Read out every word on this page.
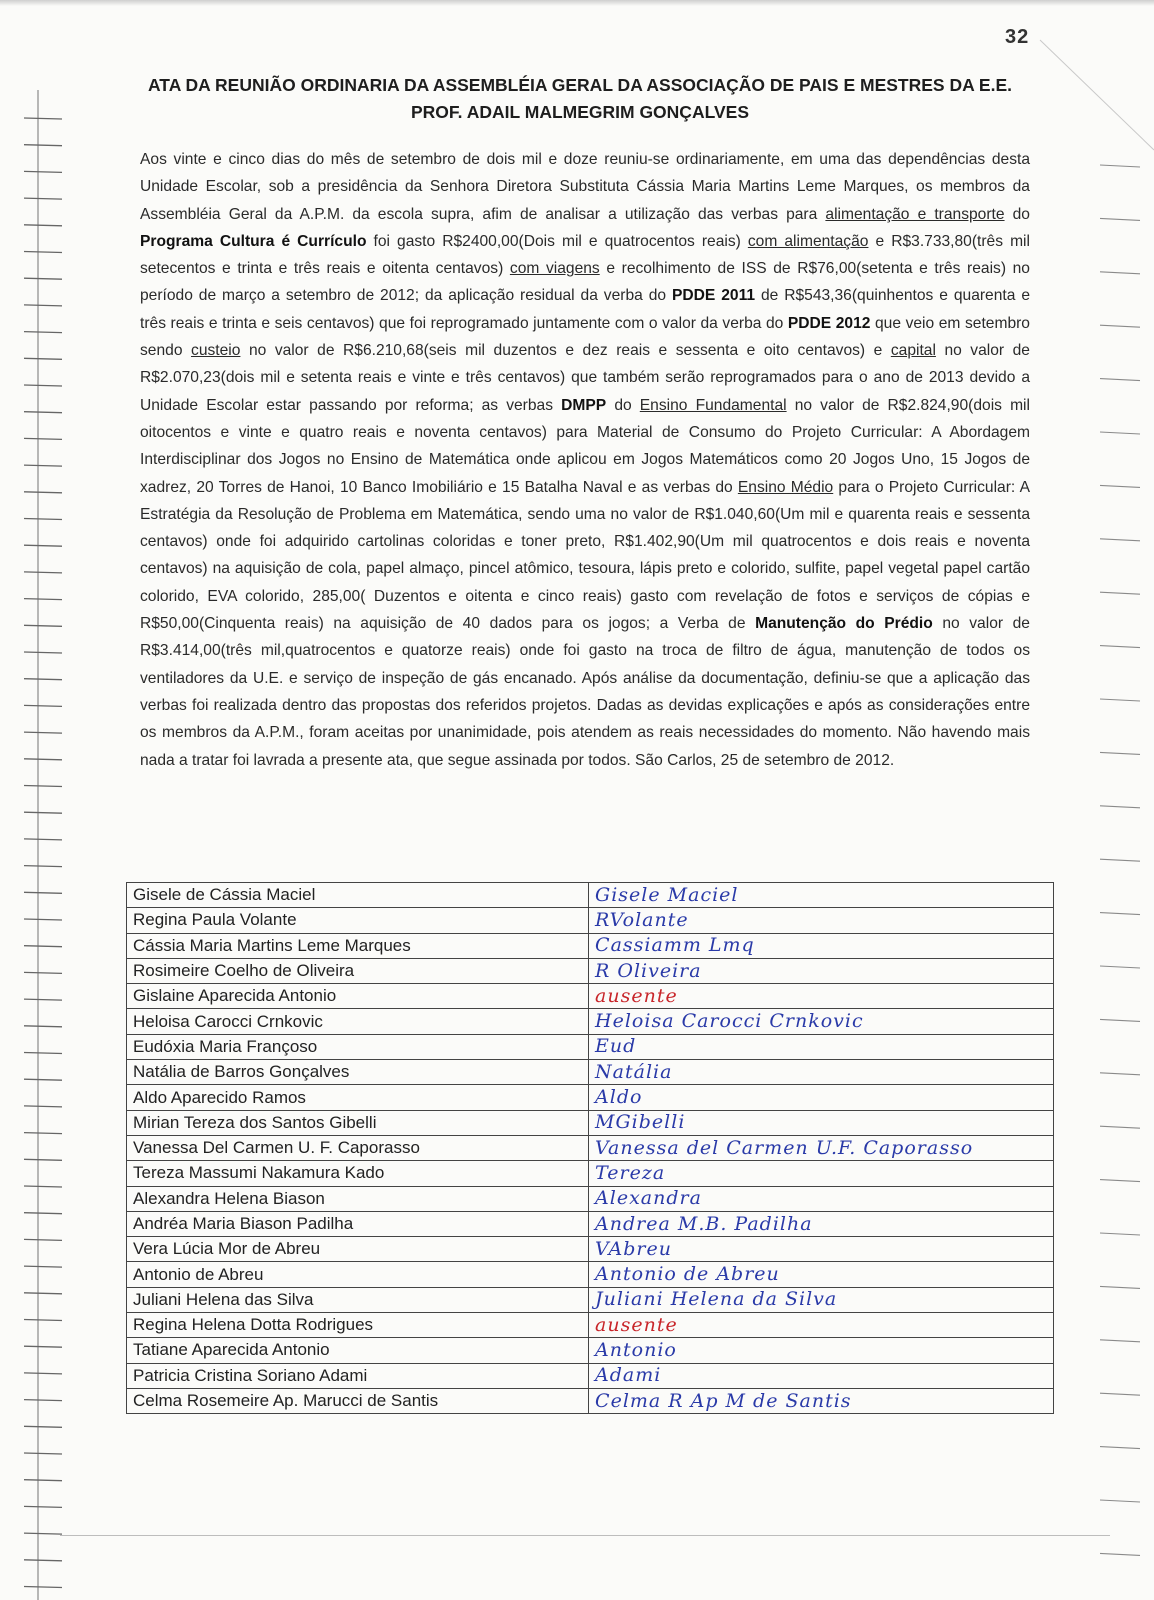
32
ATA DA REUNIÃO ORDINARIA DA ASSEMBLÉIA GERAL DA ASSOCIAÇÃO DE PAIS E MESTRES DA E.E.
PROF. ADAIL MALMEGRIM GONÇALVES
Aos vinte e cinco dias do mês de setembro de dois mil e doze reuniu-se ordinariamente, em uma das dependências desta Unidade Escolar, sob a presidência da Senhora Diretora Substituta Cássia Maria Martins Leme Marques, os membros da Assembléia Geral da A.P.M. da escola supra, afim de analisar a utilização das verbas para alimentação e transporte do Programa Cultura é Currículo foi gasto R$2400,00(Dois mil e quatrocentos reais) com alimentação e R$3.733,80(três mil setecentos e trinta e três reais e oitenta centavos) com viagens e recolhimento de ISS de R$76,00(setenta e três reais) no período de março a setembro de 2012; da aplicação residual da verba do PDDE 2011 de R$543,36(quinhentos e quarenta e três reais e trinta e seis centavos) que foi reprogramado juntamente com o valor da verba do PDDE 2012 que veio em setembro sendo custeio no valor de R$6.210,68(seis mil duzentos e dez reais e sessenta e oito centavos) e capital no valor de R$2.070,23(dois mil e setenta reais e vinte e três centavos) que também serão reprogramados para o ano de 2013 devido a Unidade Escolar estar passando por reforma; as verbas DMPP do Ensino Fundamental no valor de R$2.824,90(dois mil oitocentos e vinte e quatro reais e noventa centavos) para Material de Consumo do Projeto Curricular: A Abordagem Interdisciplinar dos Jogos no Ensino de Matemática onde aplicou em Jogos Matemáticos como 20 Jogos Uno, 15 Jogos de xadrez, 20 Torres de Hanoi, 10 Banco Imobiliário e 15 Batalha Naval e as verbas do Ensino Médio para o Projeto Curricular: A Estratégia da Resolução de Problema em Matemática, sendo uma no valor de R$1.040,60(Um mil e quarenta reais e sessenta centavos) onde foi adquirido cartolinas coloridas e toner preto, R$1.402,90(Um mil quatrocentos e dois reais e noventa centavos) na aquisição de cola, papel almaço, pincel atômico, tesoura, lápis preto e colorido, sulfite, papel vegetal papel cartão colorido, EVA colorido, 285,00( Duzentos e oitenta e cinco reais) gasto com revelação de fotos e serviços de cópias e R$50,00(Cinquenta reais) na aquisição de 40 dados para os jogos; a Verba de Manutenção do Prédio no valor de R$3.414,00(três mil,quatrocentos e quatorze reais) onde foi gasto na troca de filtro de água, manutenção de todos os ventiladores da U.E. e serviço de inspeção de gás encanado. Após análise da documentação, definiu-se que a aplicação das verbas foi realizada dentro das propostas dos referidos projetos. Dadas as devidas explicações e após as considerações entre os membros da A.P.M., foram aceitas por unanimidade, pois atendem as reais necessidades do momento. Não havendo mais nada a tratar foi lavrada a presente ata, que segue assinada por todos. São Carlos, 25 de setembro de 2012.
Gisele de Cássia Maciel	Gisele Maciel
Regina Paula Volante	RVolante
Cássia Maria Martins Leme Marques	Cassiamm Lmq
Rosimeire Coelho de Oliveira	R Oliveira
Gislaine Aparecida Antonio	ausente
Heloisa Carocci Crnkovic	Heloisa Carocci Crnkovic
Eudóxia Maria Françoso	Eud
Natália de Barros Gonçalves	Natália
Aldo Aparecido Ramos	Aldo
Mirian Tereza dos Santos Gibelli	MGibelli
Vanessa Del Carmen U. F. Caporasso	Vanessa del Carmen U.F. Caporasso
Tereza Massumi Nakamura Kado	Tereza
Alexandra Helena Biason	Alexandra
Andréa Maria Biason Padilha	Andrea M.B. Padilha
Vera Lúcia Mor de Abreu	VAbreu
Antonio de Abreu	Antonio de Abreu
Juliani Helena das Silva	Juliani Helena da Silva
Regina Helena Dotta Rodrigues	ausente
Tatiane Aparecida Antonio	Antonio
Patricia Cristina Soriano Adami	Adami
Celma Rosemeire Ap. Marucci de Santis	Celma R Ap M de Santis
